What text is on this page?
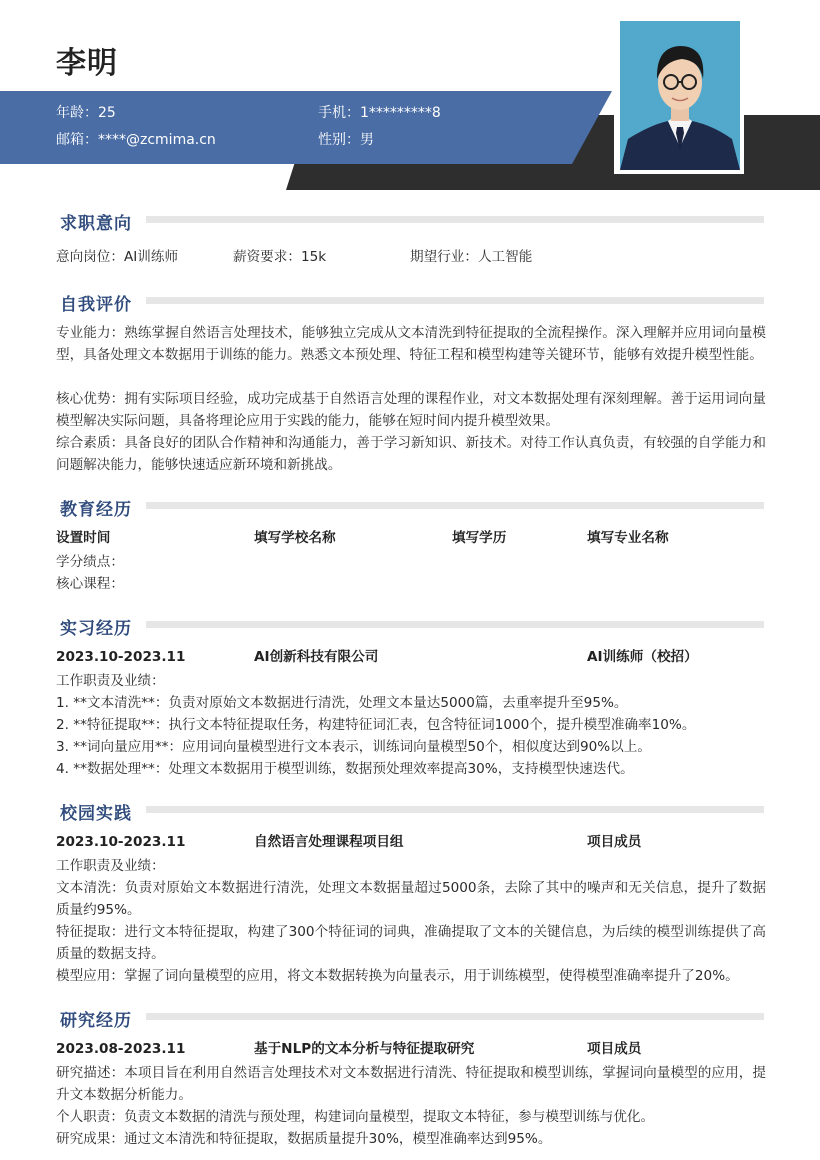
李明
年龄：25	手机：1*********8
邮箱：****@zcmima.cn	性别：男
求职意向
意向岗位：AI训练师	薪资要求：15k	期望行业：人工智能
自我评价
专业能力：熟练掌握自然语言处理技术，能够独立完成从文本清洗到特征提取的全流程操作。深入理解并应用词向量模型，具备处理文本数据用于训练的能力。熟悉文本预处理、特征工程和模型构建等关键环节，能够有效提升模型性能。
核心优势：拥有实际项目经验，成功完成基于自然语言处理的课程作业，对文本数据处理有深刻理解。善于运用词向量模型解决实际问题，具备将理论应用于实践的能力，能够在短时间内提升模型效果。
综合素质：具备良好的团队合作精神和沟通能力，善于学习新知识、新技术。对待工作认真负责，有较强的自学能力和问题解决能力，能够快速适应新环境和新挑战。
教育经历
设置时间	填写学校名称	填写学历	填写专业名称
学分绩点：
核心课程：
实习经历
2023.10-2023.11	AI创新科技有限公司	AI训练师（校招）
工作职责及业绩：
1. **文本清洗**：负责对原始文本数据进行清洗，处理文本量达5000篇，去重率提升至95%。
2. **特征提取**：执行文本特征提取任务，构建特征词汇表，包含特征词1000个，提升模型准确率10%。
3. **词向量应用**：应用词向量模型进行文本表示，训练词向量模型50个，相似度达到90%以上。
4. **数据处理**：处理文本数据用于模型训练，数据预处理效率提高30%，支持模型快速迭代。
校园实践
2023.10-2023.11	自然语言处理课程项目组	项目成员
工作职责及业绩：
文本清洗：负责对原始文本数据进行清洗，处理文本数据量超过5000条，去除了其中的噪声和无关信息，提升了数据质量约95%。
特征提取：进行文本特征提取，构建了300个特征词的词典，准确提取了文本的关键信息，为后续的模型训练提供了高质量的数据支持。
模型应用：掌握了词向量模型的应用，将文本数据转换为向量表示，用于训练模型，使得模型准确率提升了20%。
研究经历
2023.08-2023.11	基于NLP的文本分析与特征提取研究	项目成员
研究描述：本项目旨在利用自然语言处理技术对文本数据进行清洗、特征提取和模型训练，掌握词向量模型的应用，提升文本数据分析能力。
个人职责：负责文本数据的清洗与预处理，构建词向量模型，提取文本特征，参与模型训练与优化。
研究成果：通过文本清洗和特征提取，数据质量提升30%，模型准确率达到95%。
